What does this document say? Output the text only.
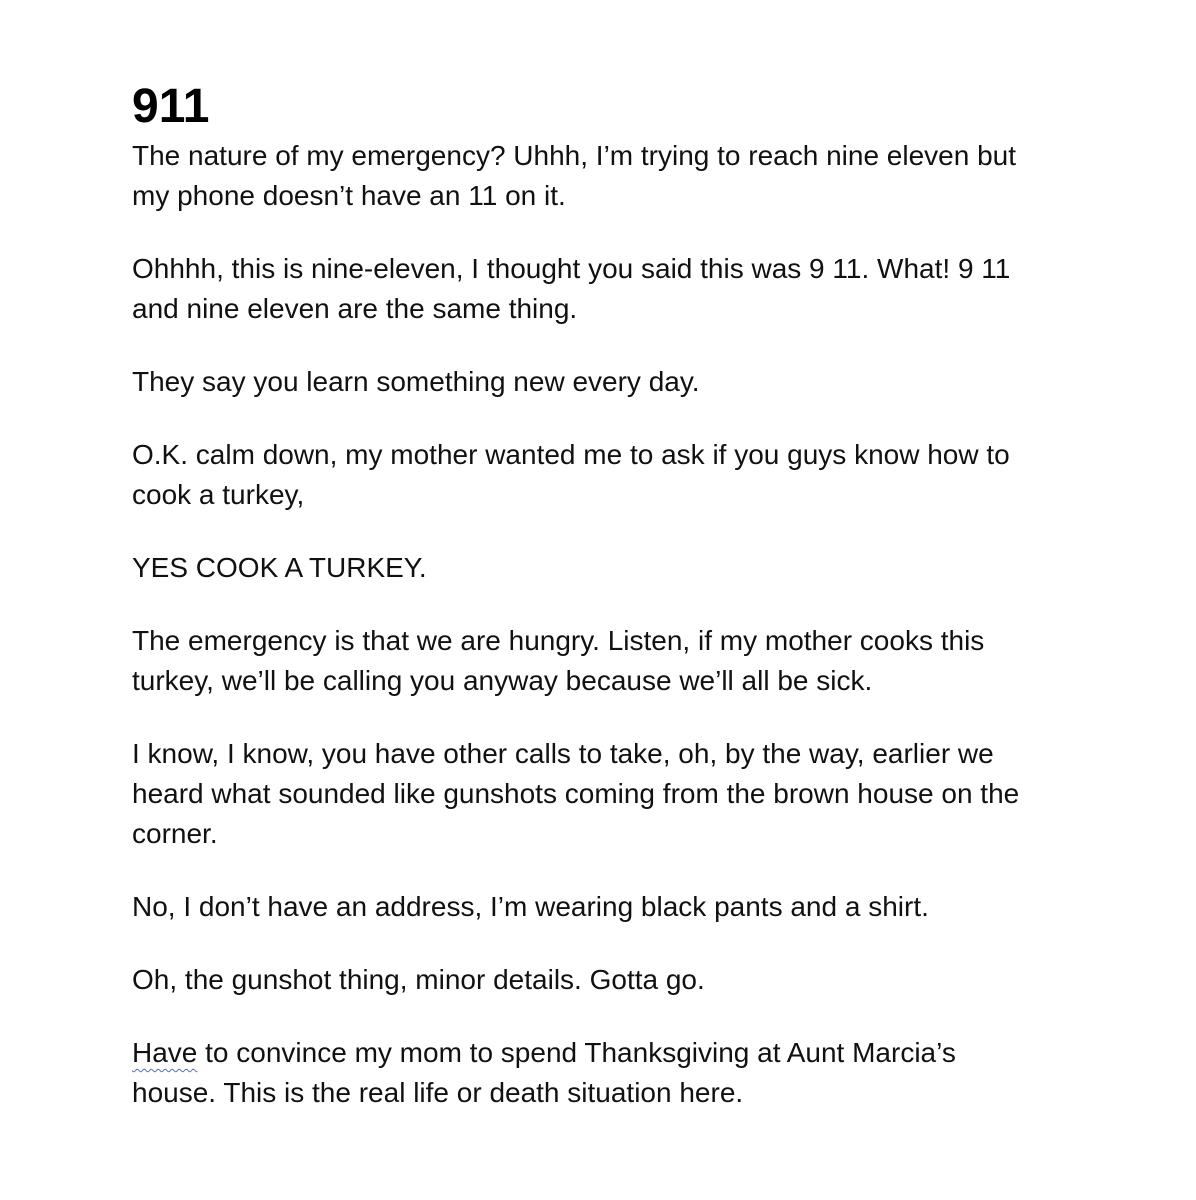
911

The nature of my emergency? Uhhh, I’m trying to reach nine eleven but my phone doesn’t have an 11 on it.

Ohhhh, this is nine-eleven, I thought you said this was 9 11. What! 9 11 and nine eleven are the same thing.

They say you learn something new every day.

O.K. calm down, my mother wanted me to ask if you guys know how to cook a turkey,

YES COOK A TURKEY.

The emergency is that we are hungry. Listen, if my mother cooks this turkey, we’ll be calling you anyway because we’ll all be sick.

I know, I know, you have other calls to take, oh, by the way, earlier we heard what sounded like gunshots coming from the brown house on the corner.

No, I don’t have an address, I’m wearing black pants and a shirt.

Oh, the gunshot thing, minor details. Gotta go.

Have to convince my mom to spend Thanksgiving at Aunt Marcia’s house. This is the real life or death situation here.
